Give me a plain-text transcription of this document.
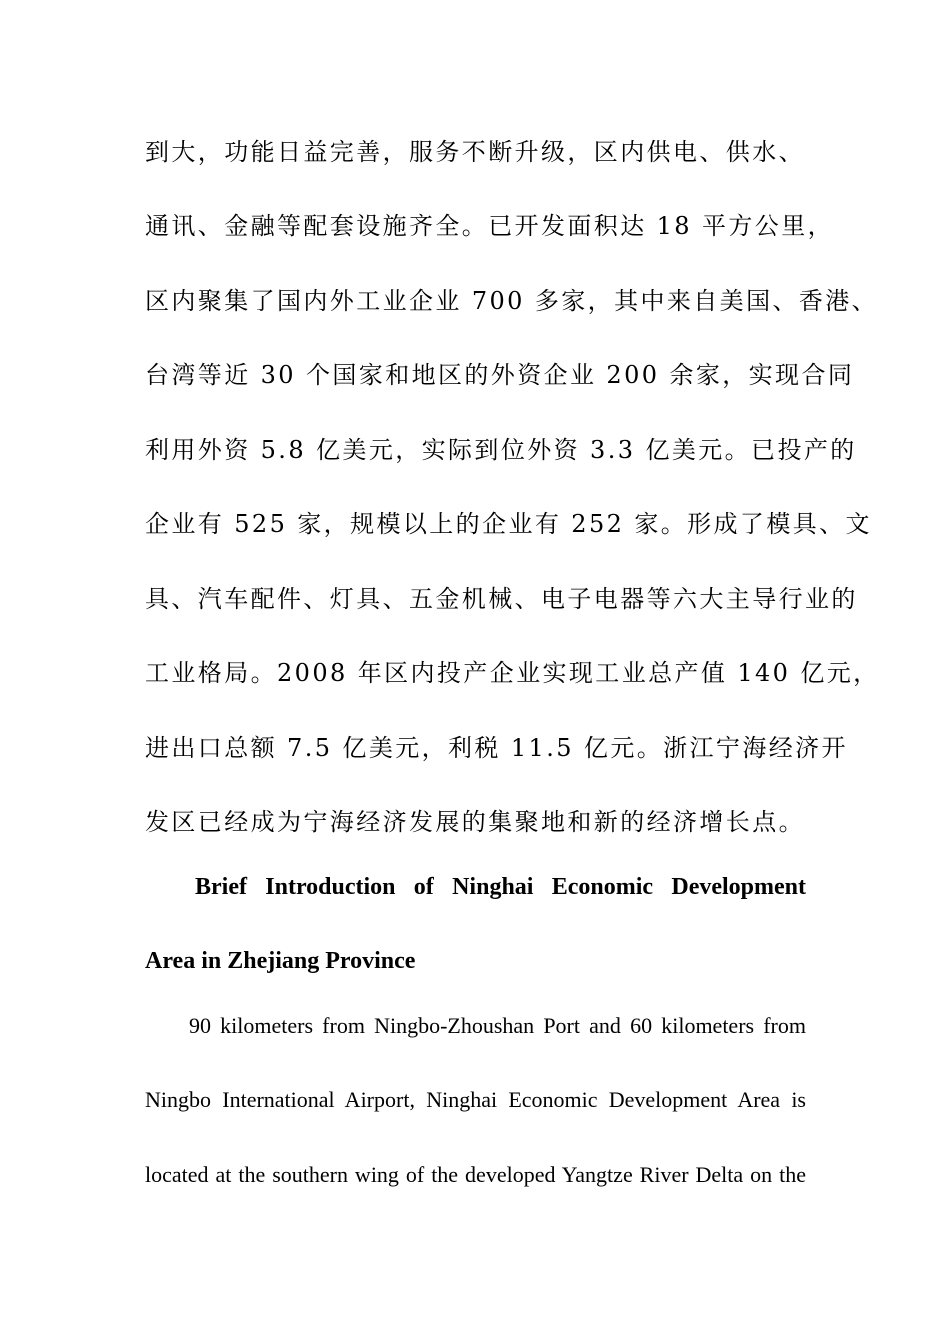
到大，功能日益完善，服务不断升级，区内供电、供水、
通讯、金融等配套设施齐全。已开发面积达 18 平方公里，
区内聚集了国内外工业企业 700 多家，其中来自美国、香港、
台湾等近 30 个国家和地区的外资企业 200 余家，实现合同
利用外资 5.8 亿美元，实际到位外资 3.3 亿美元。已投产的
企业有 525 家，规模以上的企业有 252 家。形成了模具、文
具、汽车配件、灯具、五金机械、电子电器等六大主导行业的
工业格局。2008 年区内投产企业实现工业总产值 140 亿元，
进出口总额 7.5 亿美元，利税 11.5 亿元。浙江宁海经济开
发区已经成为宁海经济发展的集聚地和新的经济增长点。
Brief Introduction of Ninghai Economic Development
Area in Zhejiang Province
90 kilometers from Ningbo-Zhoushan Port and 60 kilometers from
Ningbo International Airport, Ninghai Economic Development Area is
located at the southern wing of the developed Yangtze River Delta on the
